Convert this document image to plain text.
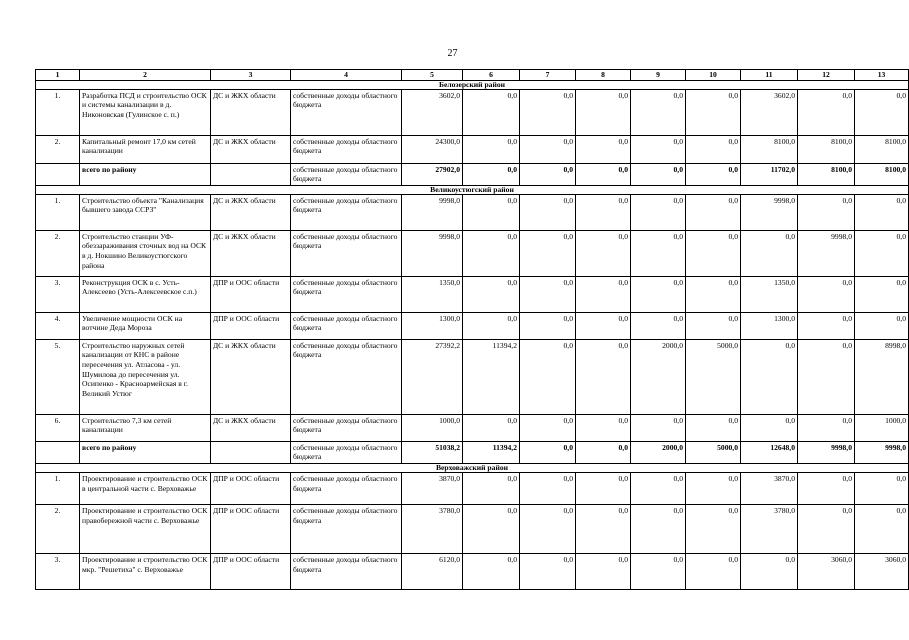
27
1	2	3	4	5	6	7	8	9	10	11	12	13
Белозерский район												
1.	Разработка ПСД и строительство ОСК и системы канализации в д. Никоновская (Гулинское с. п.)	ДС и ЖКХ области	собственные доходы областного бюджета	3602,0	0,0	0,0	0,0	0,0	0,0	3602,0	0,0	0,0
2.	Капитальный ремонт 17,0 км сетей канализации	ДС и ЖКХ области	собственные доходы областного бюджета	24300,0	0,0	0,0	0,0	0,0	0,0	8100,0	8100,0	8100,0
	всего по району		собственные доходы областного бюджета	27902,0	0,0	0,0	0,0	0,0	0,0	11702,0	8100,0	8100,0
Великоустюгский район												
1.	Строительство объекта "Канализация бывшего завода ССРЗ"	ДС и ЖКХ области	собственные доходы областного бюджета	9998,0	0,0	0,0	0,0	0,0	0,0	9998,0	0,0	0,0
2.	Строительство станции УФ-обеззараживания сточных вод на ОСК в д. Нокшино Великоустюгского района	ДС и ЖКХ области	собственные доходы областного бюджета	9998,0	0,0	0,0	0,0	0,0	0,0	0,0	9998,0	0,0
3.	Реконструкция ОСК в с. Усть-Алексеево (Усть-Алексеевское с.п.)	ДПР и ООС области	собственные доходы областного бюджета	1350,0	0,0	0,0	0,0	0,0	0,0	1350,0	0,0	0,0
4.	Увеличение мощности ОСК на вотчине Деда Мороза	ДПР и ООС области	собственные доходы областного бюджета	1300,0	0,0	0,0	0,0	0,0	0,0	1300,0	0,0	0,0
5.	Строительство наружных сетей канализации от КНС в районе пересечения ул. Атласова - ул. Шумилова до пересечения ул. Осипенко - Красноармейская в г. Великий Устюг	ДС и ЖКХ области	собственные доходы областного бюджета	27392,2	11394,2	0,0	0,0	2000,0	5000,0	0,0	0,0	8998,0
6.	Строительство 7,3 км сетей канализации	ДС и ЖКХ области	собственные доходы областного бюджета	1000,0	0,0	0,0	0,0	0,0	0,0	0,0	0,0	1000,0
	всего по району		собственные доходы областного бюджета	51038,2	11394,2	0,0	0,0	2000,0	5000,0	12648,0	9998,0	9998,0
Верховажский район												
1.	Проектирование и строительство ОСК в центральной части с. Верховажье	ДПР и ООС области	собственные доходы областного бюджета	3870,0	0,0	0,0	0,0	0,0	0,0	3870,0	0,0	0,0
2.	Проектирование и строительство ОСК правобережной части с. Верховажье	ДПР и ООС области	собственные доходы областного бюджета	3780,0	0,0	0,0	0,0	0,0	0,0	3780,0	0,0	0,0
3.	Проектирование и строительство ОСК мкр. "Решетиха" с. Верховажье	ДПР и ООС области	собственные доходы областного бюджета	6120,0	0,0	0,0	0,0	0,0	0,0	0,0	3060,0	3060,0
